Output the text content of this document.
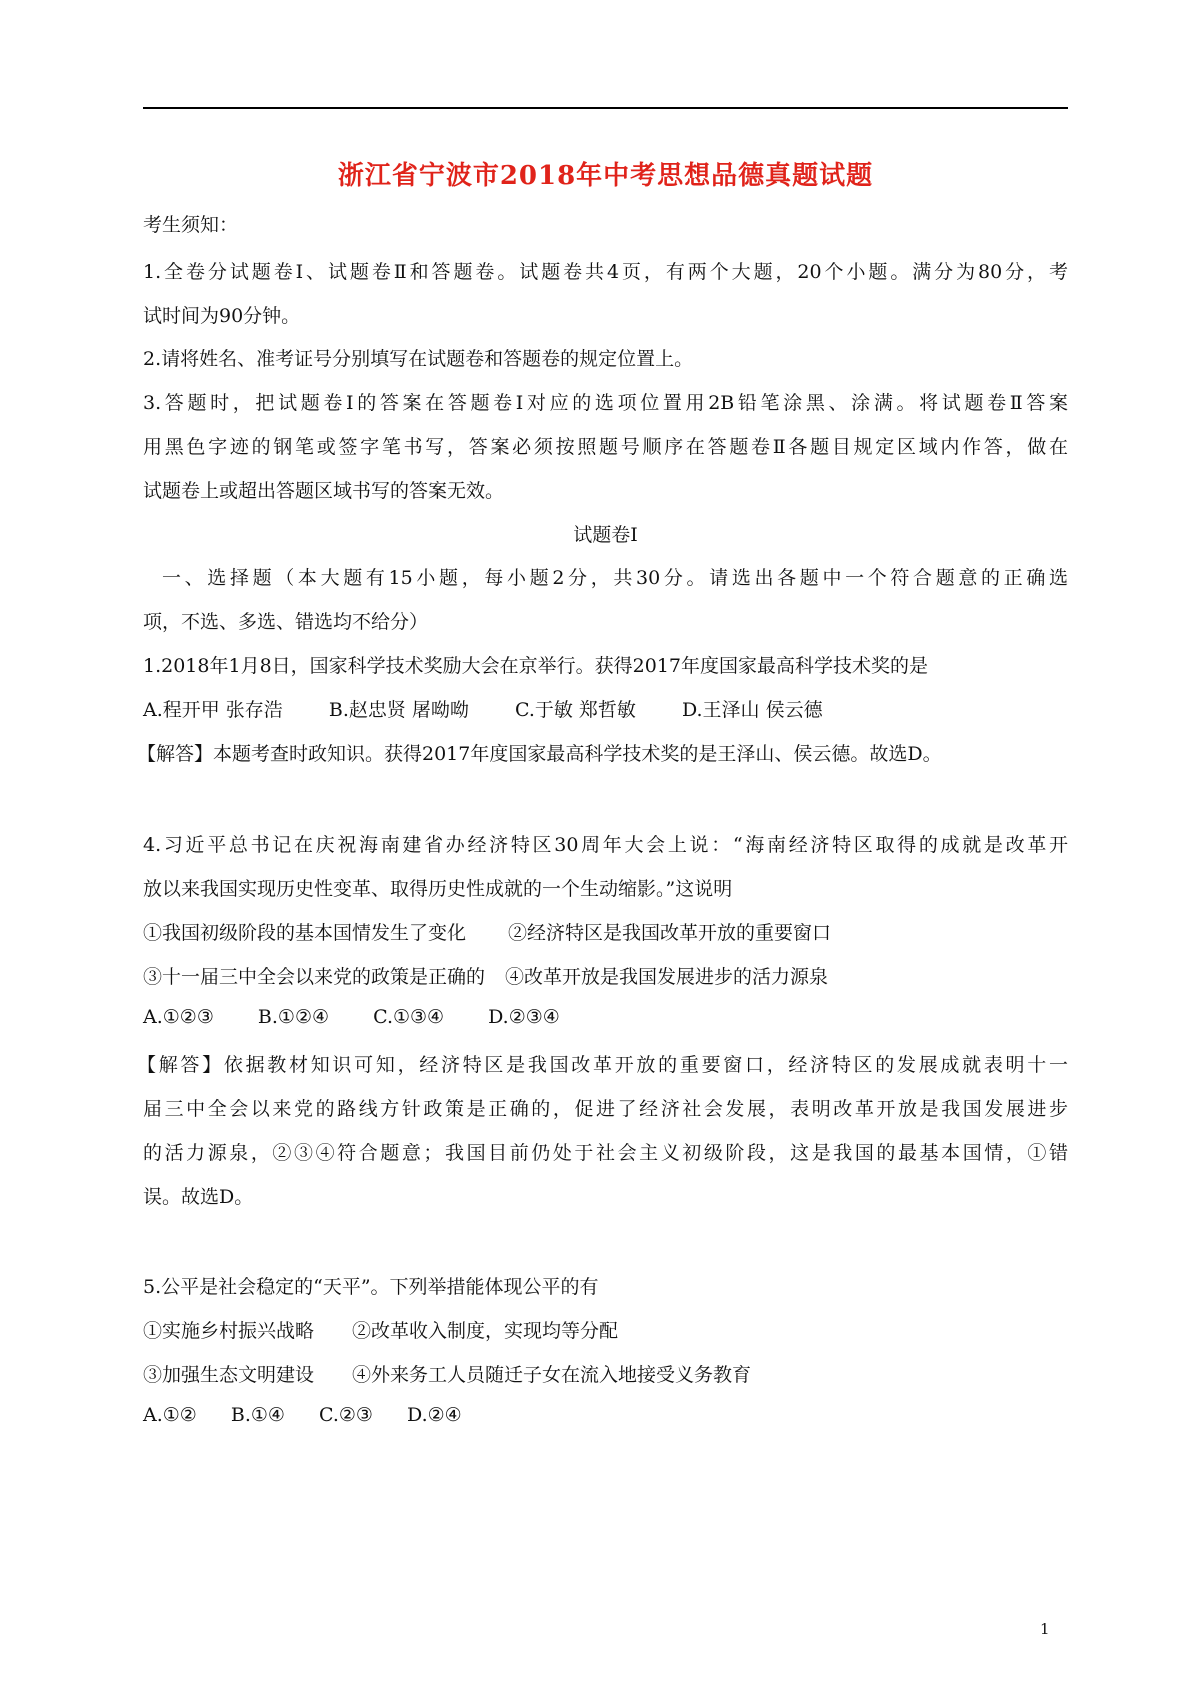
浙江省宁波市2018年中考思想品德真题试题
考生须知：
1.全卷分试题卷Ⅰ、试题卷Ⅱ和答题卷。试题卷共4页，有两个大题，20个小题。满分为80分，考
试时间为90分钟。
2.请将姓名、准考证号分别填写在试题卷和答题卷的规定位置上。
3.答题时，把试题卷Ⅰ的答案在答题卷Ⅰ对应的选项位置用2B铅笔涂黑、涂满。将试题卷Ⅱ答案
用黑色字迹的钢笔或签字笔书写，答案必须按照题号顺序在答题卷Ⅱ各题目规定区域内作答，做在
试题卷上或超出答题区域书写的答案无效。
试题卷Ⅰ
一、选择题（本大题有15小题，每小题2分，共30分。请选出各题中一个符合题意的正确选
项，不选、多选、错选均不给分）
1.2018年1月8日，国家科学技术奖励大会在京举行。获得2017年度国家最高科学技术奖的是
A.程开甲 张存浩 B.赵忠贤 屠呦呦 C.于敏 郑哲敏 D.王泽山 侯云德
【解答】本题考查时政知识。获得2017年度国家最高科学技术奖的是王泽山、侯云德。故选D。
4.习近平总书记在庆祝海南建省办经济特区30周年大会上说：“海南经济特区取得的成就是改革开
放以来我国实现历史性变革、取得历史性成就的一个生动缩影。”这说明
①我国初级阶段的基本国情发生了变化 ②经济特区是我国改革开放的重要窗口
③十一届三中全会以来党的政策是正确的 ④改革开放是我国发展进步的活力源泉
A.①②③ B.①②④ C.①③④ D.②③④
【解答】依据教材知识可知，经济特区是我国改革开放的重要窗口，经济特区的发展成就表明十一
届三中全会以来党的路线方针政策是正确的，促进了经济社会发展，表明改革开放是我国发展进步
的活力源泉，②③④符合题意；我国目前仍处于社会主义初级阶段，这是我国的最基本国情，①错
误。故选D。
5.公平是社会稳定的“天平”。下列举措能体现公平的有
①实施乡村振兴战略 ②改革收入制度，实现均等分配
③加强生态文明建设 ④外来务工人员随迁子女在流入地接受义务教育
A.①② B.①④ C.②③ D.②④
1
